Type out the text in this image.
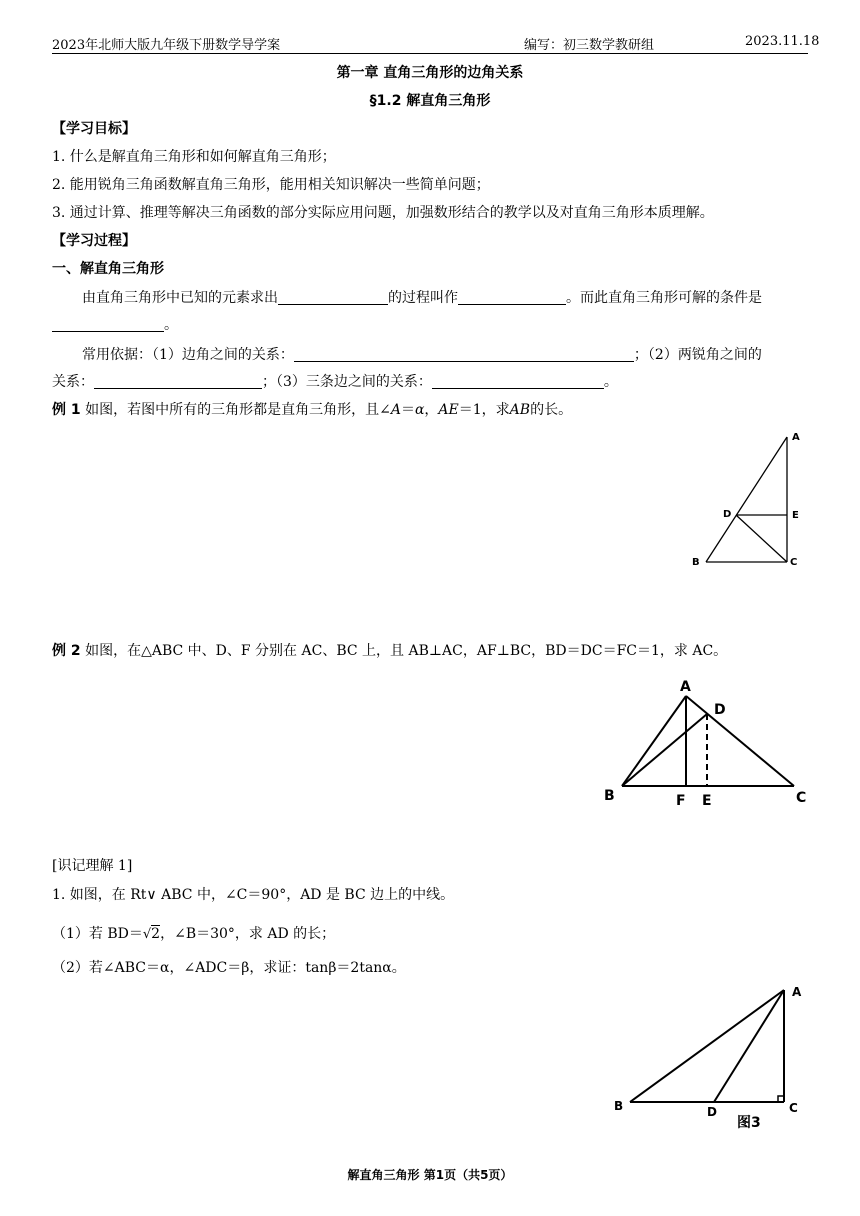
2023年北师大版九年级下册数学导学案	编写：初三数学教研组	2023.11.18
第一章 直角三角形的边角关系
§1.2 解直角三角形
【学习目标】
1. 什么是解直角三角形和如何解直角三角形；
2. 能用锐角三角函数解直角三角形，能用相关知识解决一些简单问题；
3. 通过计算、推理等解决三角函数的部分实际应用问题，加强数形结合的教学以及对直角三角形本质理解。
【学习过程】
一、解直角三角形
由直角三角形中已知的元素求出	的过程叫作	。而此直角三角形可解的条件是
。
常用依据：（1）边角之间的关系：	；（2）两锐角之间的
关系：	；（3）三条边之间的关系：	。
例 1 如图，若图中所有的三角形都是直角三角形，且∠A＝α，AE＝1，求AB的长。
A
D	E
B	C
例 2 如图，在△ABC 中、D、F 分别在 AC、BC 上，且 AB⊥AC，AF⊥BC，BD＝DC＝FC＝1，求 AC。
A
D
B	F E	C
[识记理解 1]
1. 如图，在 Rt∨ ABC 中，∠C＝90°，AD 是 BC 边上的中线。
（1）若 BD＝√2，∠B＝30°，求 AD 的长；
（2）若∠ABC＝α，∠ADC＝β，求证：tanβ＝2tanα。
A
B	D	C
图3
解直角三角形 第1页（共5页）
